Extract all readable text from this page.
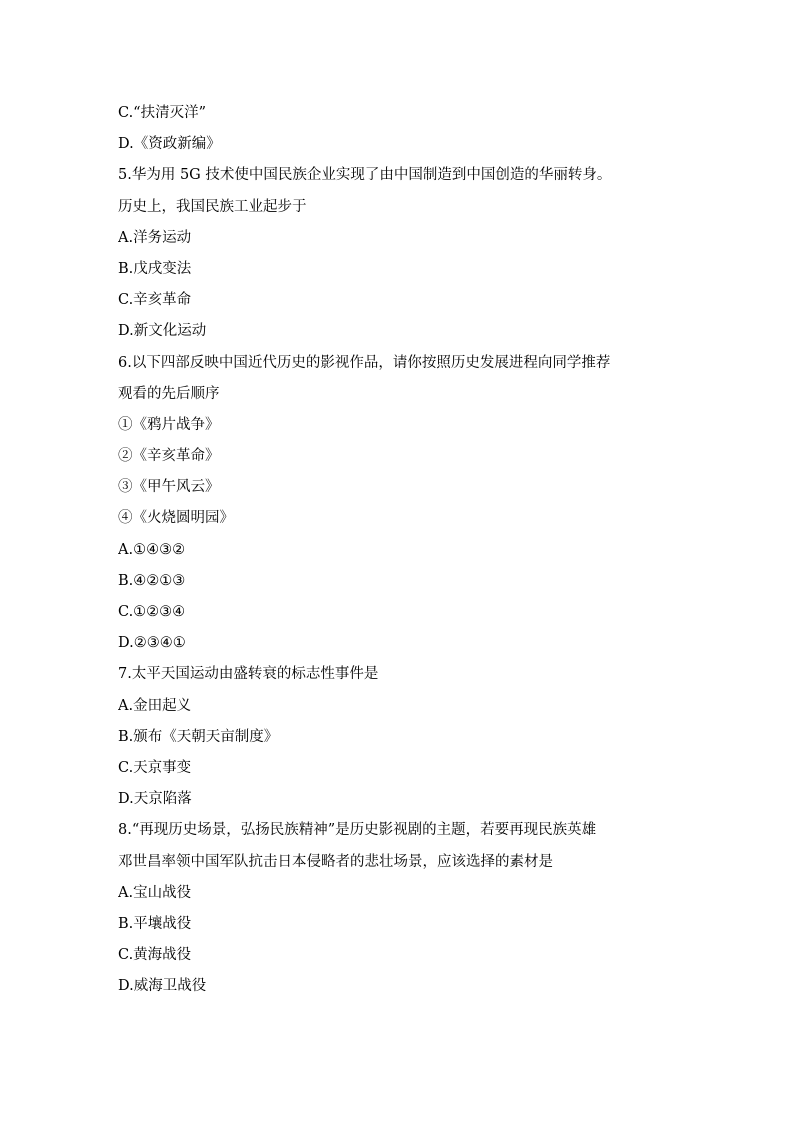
C.“扶清灭洋”
D.《资政新编》
5.华为用 5G 技术使中国民族企业实现了由中国制造到中国创造的华丽转身。
历史上，我国民族工业起步于
A.洋务运动
B.戊戌变法
C.辛亥革命
D.新文化运动
6.以下四部反映中国近代历史的影视作品，请你按照历史发展进程向同学推荐
观看的先后顺序
①《鸦片战争》
②《辛亥革命》
③《甲午风云》
④《火烧圆明园》
A.①④③②
B.④②①③
C.①②③④
D.②③④①
7.太平天国运动由盛转衰的标志性事件是
A.金田起义
B.颁布《天朝天亩制度》
C.天京事变
D.天京陷落
8.“再现历史场景，弘扬民族精神”是历史影视剧的主题，若要再现民族英雄
邓世昌率领中国军队抗击日本侵略者的悲壮场景，应该选择的素材是
A.宝山战役
B.平壤战役
C.黄海战役
D.威海卫战役
